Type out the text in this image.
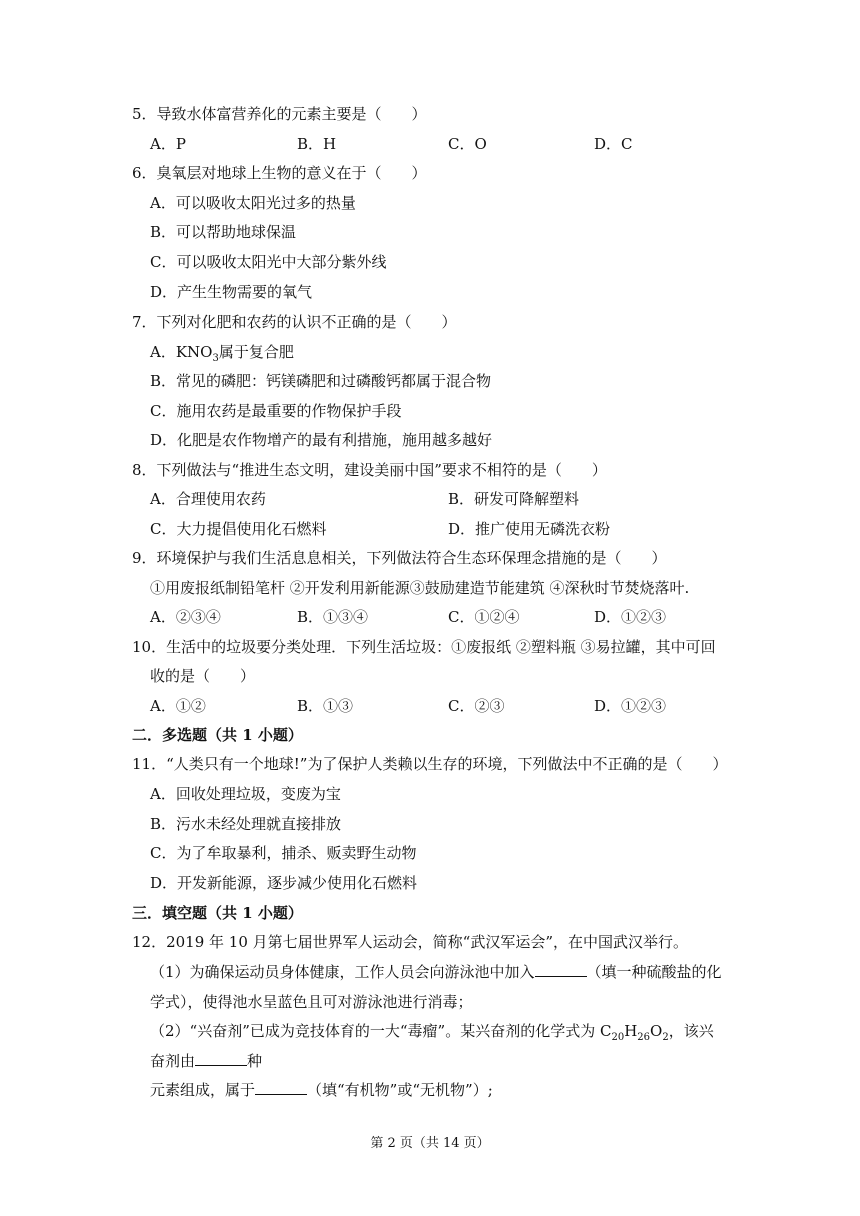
5．导致水体富营养化的元素主要是（　　）
A．P	B．H	C．O	D．C
6．臭氧层对地球上生物的意义在于（　　）
A．可以吸收太阳光过多的热量
B．可以帮助地球保温
C．可以吸收太阳光中大部分紫外线
D．产生生物需要的氧气
7．下列对化肥和农药的认识不正确的是（　　）
A．$KNO_3$属于复合肥
B．常见的磷肥：钙镁磷肥和过磷酸钙都属于混合物
C．施用农药是最重要的作物保护手段
D．化肥是农作物增产的最有利措施，施用越多越好
8．下列做法与“推进生态文明，建设美丽中国”要求不相符的是（　　）
A．合理使用农药	B．研发可降解塑料
C．大力提倡使用化石燃料	D．推广使用无磷洗衣粉
9．环境保护与我们生活息息相关，下列做法符合生态环保理念措施的是（　　）
①用废报纸制铅笔杆 ②开发利用新能源③鼓励建造节能建筑 ④深秋时节焚烧落叶.
A．②③④	B．①③④	C．①②④	D．①②③
10．生活中的垃圾要分类处理．下列生活垃圾：①废报纸 ②塑料瓶 ③易拉罐，其中可回
收的是（　　）
A．①②	B．①③	C．②③	D．①②③
二．多选题（共 1 小题）
11．“人类只有一个地球!”为了保护人类赖以生存的环境，下列做法中不正确的是（　　）
A．回收处理垃圾，变废为宝
B．污水未经处理就直接排放
C．为了牟取暴利，捕杀、贩卖野生动物
D．开发新能源，逐步减少使用化石燃料
三．填空题（共 1 小题）
12．2019 年 10 月第七届世界军人运动会，简称“武汉军运会”，在中国武汉举行。
（1）为确保运动员身体健康，工作人员会向游泳池中加入	（填一种硫酸盐的化
学式），使得池水呈蓝色且可对游泳池进行消毒；
（2）“兴奋剂”已成为竞技体育的一大“毒瘤”。某兴奋剂的化学式为 $C_{20}H_{26}O_2$，该兴
奋剂由	种
元素组成，属于	（填“有机物”或“无机物”）;
第 2 页（共 14 页）
